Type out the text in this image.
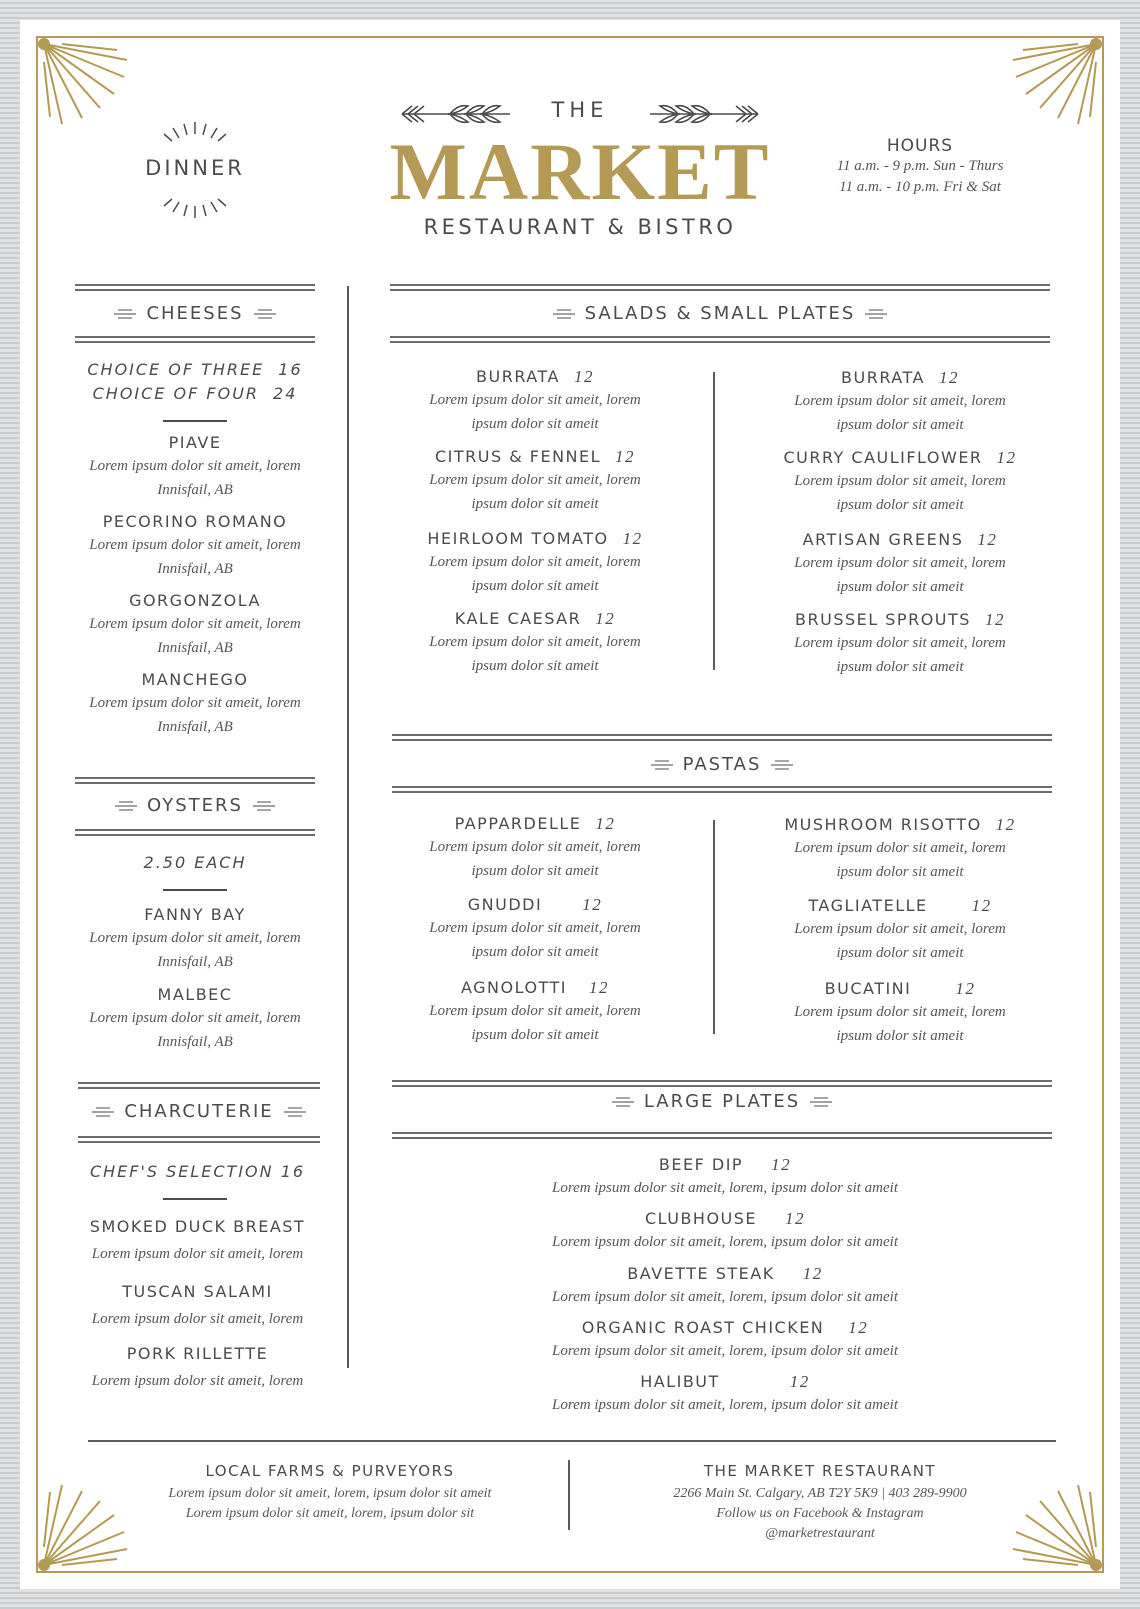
DINNER
THE
MARKET
RESTAURANT & BISTRO
HOURS
11 a.m. - 9 p.m. Sun - Thurs
11 a.m. - 10 p.m. Fri & Sat
CHEESES
CHOICE OF THREE 16
CHOICE OF FOUR 24
PIAVE
Lorem ipsum dolor sit ameit, lorem
Innisfail, AB
PECORINO ROMANO
Lorem ipsum dolor sit ameit, lorem
Innisfail, AB
GORGONZOLA
Lorem ipsum dolor sit ameit, lorem
Innisfail, AB
MANCHEGO
Lorem ipsum dolor sit ameit, lorem
Innisfail, AB
OYSTERS
2.50 EACH
FANNY BAY
Lorem ipsum dolor sit ameit, lorem
Innisfail, AB
MALBEC
Lorem ipsum dolor sit ameit, lorem
Innisfail, AB
CHARCUTERIE
CHEF'S SELECTION 16
SMOKED DUCK BREAST
Lorem ipsum dolor sit ameit, lorem
TUSCAN SALAMI
Lorem ipsum dolor sit ameit, lorem
PORK RILLETTE
Lorem ipsum dolor sit ameit, lorem
SALADS & SMALL PLATES
BURRATA 12
Lorem ipsum dolor sit ameit, lorem
ipsum dolor sit ameit
CITRUS & FENNEL 12
Lorem ipsum dolor sit ameit, lorem
ipsum dolor sit ameit
HEIRLOOM TOMATO 12
Lorem ipsum dolor sit ameit, lorem
ipsum dolor sit ameit
KALE CAESAR 12
Lorem ipsum dolor sit ameit, lorem
ipsum dolor sit ameit
BURRATA 12
Lorem ipsum dolor sit ameit, lorem
ipsum dolor sit ameit
CURRY CAULIFLOWER 12
Lorem ipsum dolor sit ameit, lorem
ipsum dolor sit ameit
ARTISAN GREENS 12
Lorem ipsum dolor sit ameit, lorem
ipsum dolor sit ameit
BRUSSEL SPROUTS 12
Lorem ipsum dolor sit ameit, lorem
ipsum dolor sit ameit
PASTAS
PAPPARDELLE 12
Lorem ipsum dolor sit ameit, lorem
ipsum dolor sit ameit
GNUDDI 12
Lorem ipsum dolor sit ameit, lorem
ipsum dolor sit ameit
AGNOLOTTI 12
Lorem ipsum dolor sit ameit, lorem
ipsum dolor sit ameit
MUSHROOM RISOTTO 12
Lorem ipsum dolor sit ameit, lorem
ipsum dolor sit ameit
TAGLIATELLE	12
Lorem ipsum dolor sit ameit, lorem
ipsum dolor sit ameit
BUCATINI	12
Lorem ipsum dolor sit ameit, lorem
ipsum dolor sit ameit
LARGE PLATES
BEEF DIP 12
Lorem ipsum dolor sit ameit, lorem, ipsum dolor sit ameit
CLUBHOUSE 12
Lorem ipsum dolor sit ameit, lorem, ipsum dolor sit ameit
BAVETTE STEAK 12
Lorem ipsum dolor sit ameit, lorem, ipsum dolor sit ameit
ORGANIC ROAST CHICKEN 12
Lorem ipsum dolor sit ameit, lorem, ipsum dolor sit ameit
HALIBUT	12
Lorem ipsum dolor sit ameit, lorem, ipsum dolor sit ameit
LOCAL FARMS & PURVEYORS
Lorem ipsum dolor sit ameit, lorem, ipsum dolor sit ameit
Lorem ipsum dolor sit ameit, lorem, ipsum dolor sit
THE MARKET RESTAURANT
2266 Main St. Calgary, AB T2Y 5K9 | 403 289-9900
Follow us on Facebook & Instagram
@marketrestaurant
